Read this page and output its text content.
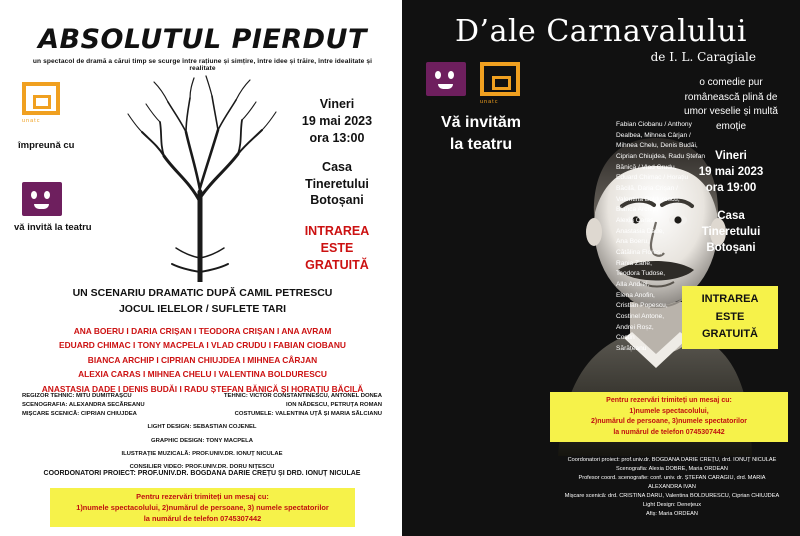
ABSOLUTUL PIERDUT
un spectacol de dramă a cărui timp se scurge între rațiune și simțire, între idee și trăire, între idealitate și realitate
unatc
împreună cu
vă invită la teatru
Vineri
19 mai 2023
ora 13:00
Casa
Tineretului
Botoșani
INTRAREA
ESTE
GRATUITĂ
UN SCENARIU DRAMATIC DUPĂ CAMIL PETRESCU
JOCUL IELELOR / SUFLETE TARI
ANA BOERU I DARIA CRIȘAN I TEODORA CRIȘAN I ANA AVRAM
EDUARD CHIMAC I TONY MACPELA I VLAD CRUDU I FABIAN CIOBANU
BIANCA ARCHIP I CIPRIAN CHIUJDEA I MIHNEA CÂRJAN
ALEXIA CARAS I MIHNEA CHELU I VALENTINA BOLDURESCU
ANASTASIA DADE I DENIS BUDĂI I RADU ȘTEFAN BĂNICĂ ȘI HORAȚIU BĂCILĂ
REGIZOR TEHNIC: MITU DUMITRAȘCU	TEHNIC: VICTOR CONSTANTINESCU, ANTONEL DONEA
SCENOGRAFIA: ALEXANDRA SECĂREANU	ION NĂDESCU, PETRUȚA ROMAN
MIȘCARE SCENICĂ: CIPRIAN CHIUJDEA	COSTUMELE: VALENTINA UȚĂ ȘI MARIA SĂLCIANU
LIGHT DESIGN: SEBASTIAN COJENEL
GRAPHIC DESIGN: TONY MACPELA
ILUSTRAȚIE MUZICALĂ: PROF.UNIV.DR. IONUȚ NICULAE
CONSILIER VIDEO: PROF.UNIV.DR. DORU NIȚESCU
COORDONATORI PROIECT: PROF.UNIV.DR. BOGDANA DARIE CREȚU ȘI DRD. IONUȚ NICULAE
Pentru rezervări trimiteți un mesaj cu:
1)numele spectacolului, 2)numărul de persoane, 3) numele spectatorilor
la numărul de telefon 0745307442
D’ale Carnavalului
de I. L. Caragiale
unatc
Vă invităm
la teatru
Fabian Ciobanu / Anthony
Dealbea, Mihnea Cârjan /
Mihnea Chelu, Denis Budăi,
Ciprian Chiujdea, Radu Ștefan
Bănică / Vlad Crudu,
Eduard Chimac / Horațiu
Băcilă, Daria Crișan /
Valentina Boldurescu,
Bianca Archip,
Alexia Caras,
Anastasia Dade,
Ana Boeru,
Cătălina Flores,
Rania Zane,
Teodora Tudose,
Alla Andrei,
Elena Anofin,
Cristian Popescu,
Costinel Antone,
Andrei Roșz,
Costin
Sărățeanu
o comedie pur românească plină de umor veselie și multă emoție
Vineri
19 mai 2023
ora 19:00
Casa
Tineretului
Botoșani
INTRAREA
ESTE
GRATUITĂ
Pentru rezervări trimiteți un mesaj cu:
1)numele spectacolului,
2)numărul de persoane, 3)numele spectatorilor
la numărul de telefon 0745307442
Coordonatori proiect: prof.univ.dr. BOGDANA DARIE CREȚU, drd. IONUȚ NICULAE
Scenografia: Alexia DOBRE, Maria ORDEAN
Profesor coord. scenografie: conf. univ. dr. ȘTEFAN CARAGIU, drd. MARIA
ALEXANDRA IVAN
Mișcare scenică: drd. CRISTINA DARU, Valentina BOLDURESCU, Ciprian CHIUJDEA
Light Design: Denețeux
Afiș: Maria ORDEAN
